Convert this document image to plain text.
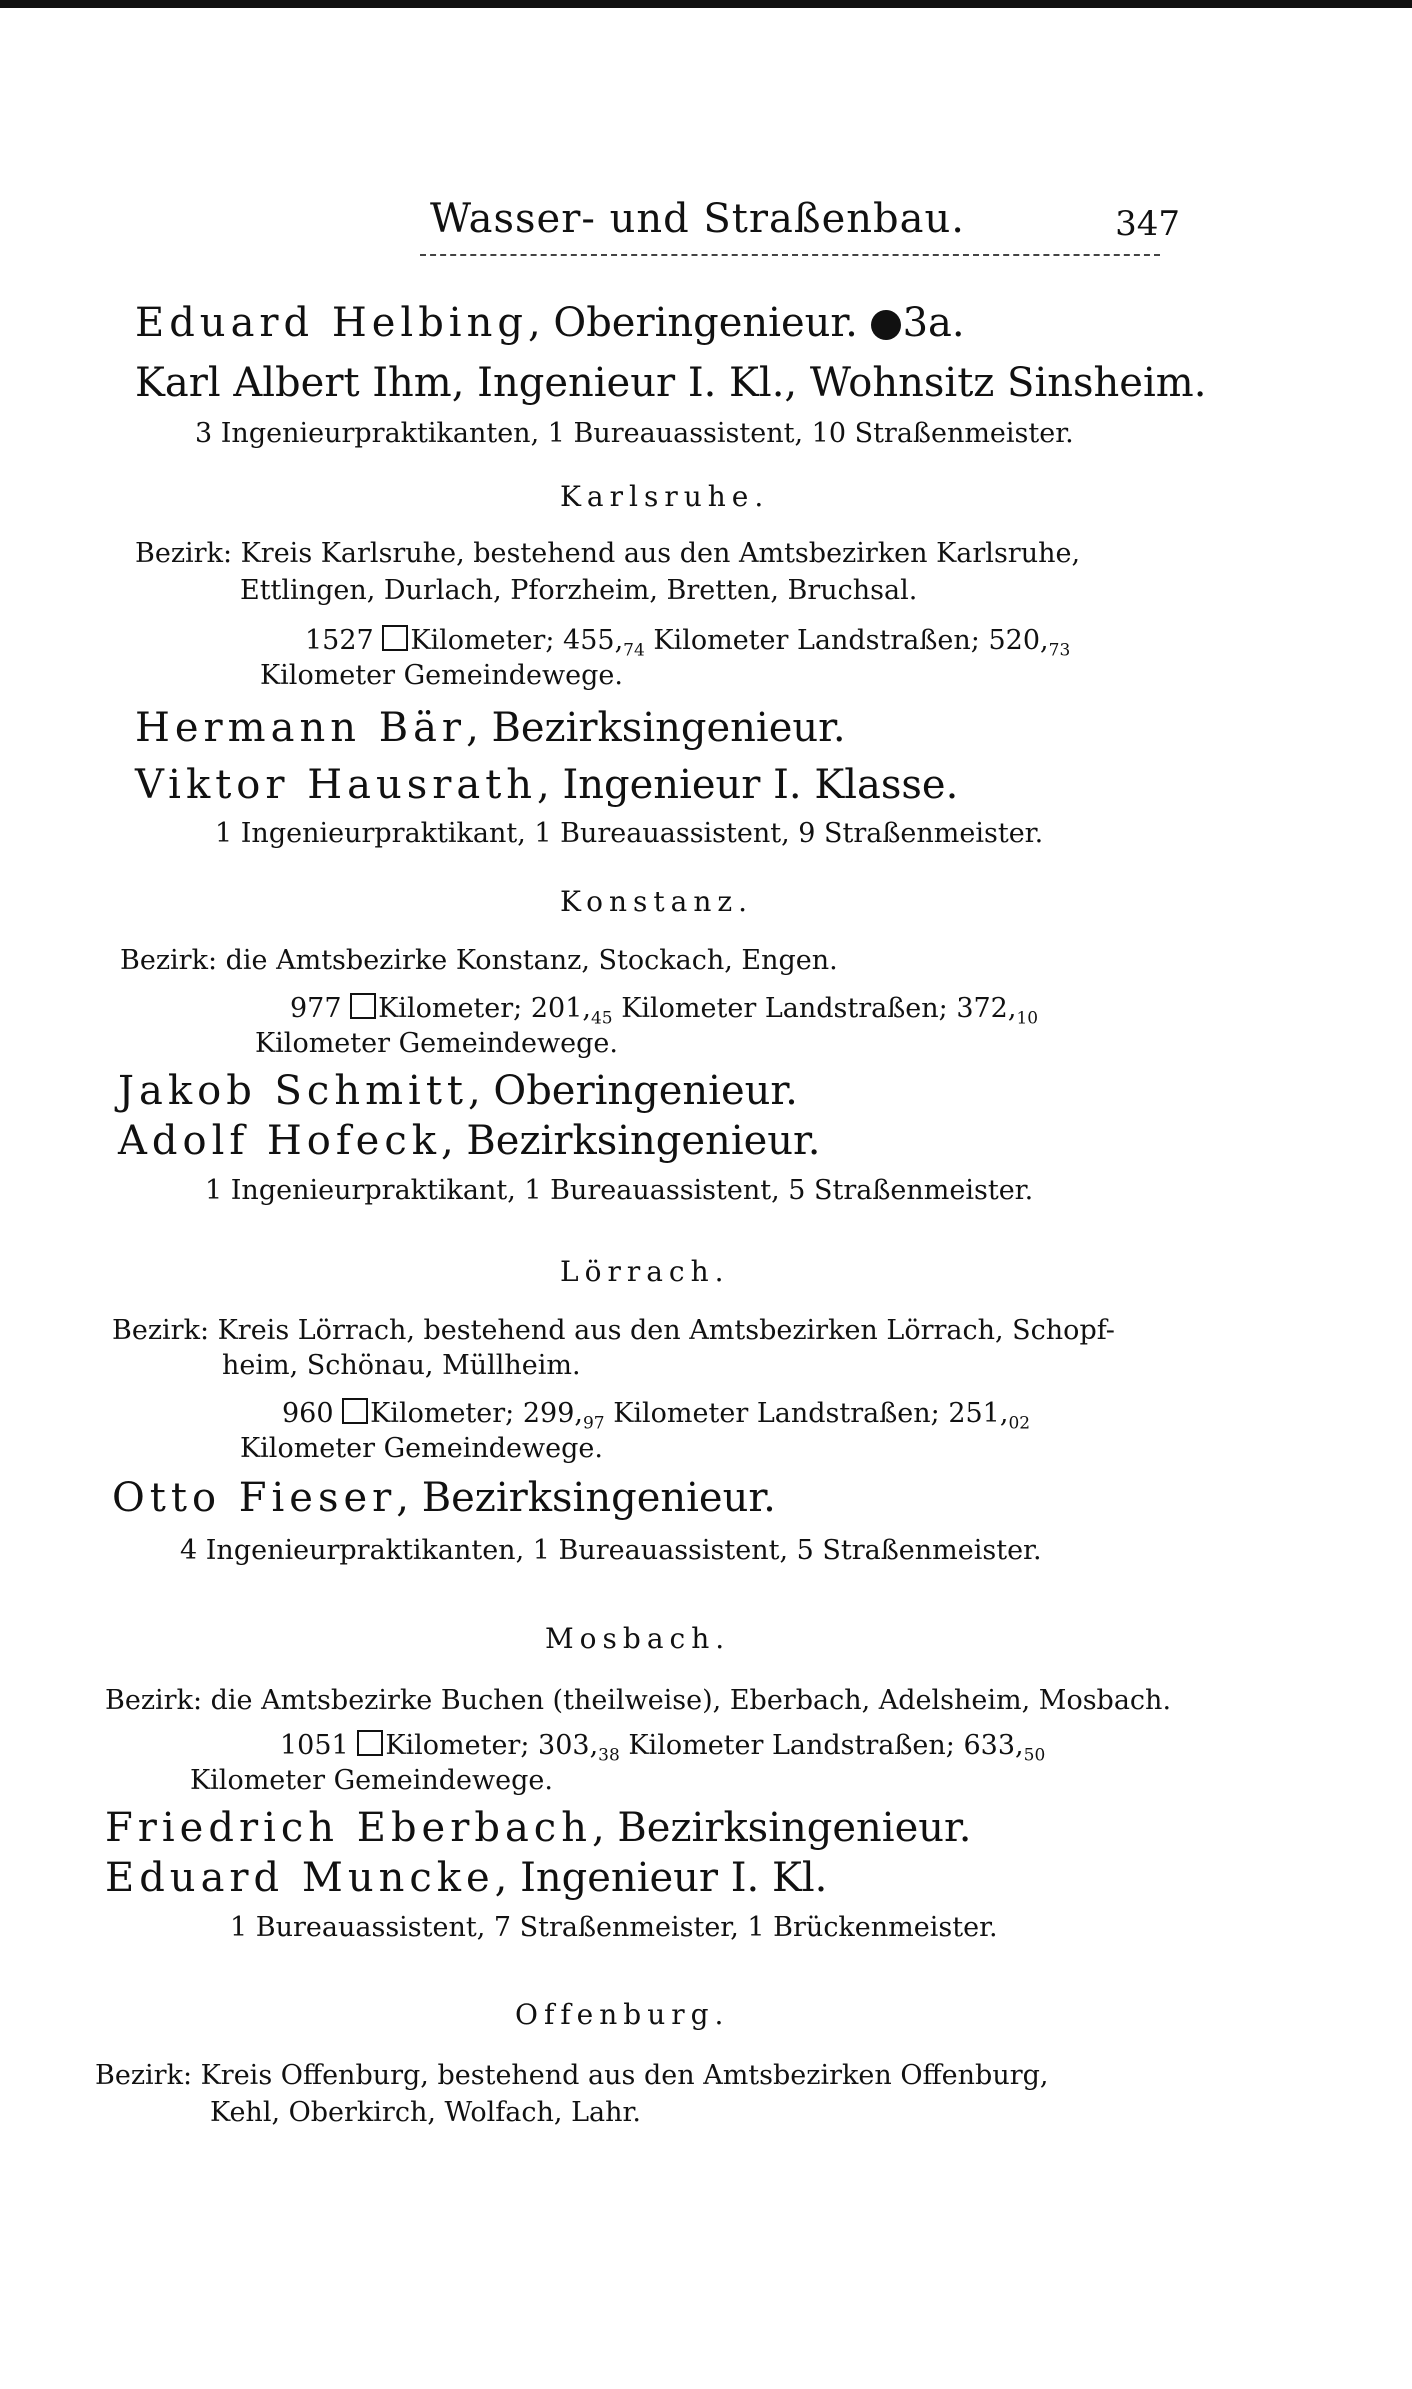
Wasser- und Straßenbau.	347
Eduard Helbing, Oberingenieur. 3a.
Karl Albert Ihm, Ingenieur I. Kl., Wohnsitz Sinsheim.
3 Ingenieurpraktikanten, 1 Bureauassistent, 10 Straßenmeister.
Karlsruhe.
Bezirk: Kreis Karlsruhe, bestehend aus den Amtsbezirken Karlsruhe,
Ettlingen, Durlach, Pforzheim, Bretten, Bruchsal.
1527 Kilometer; $455,_{74}$ Kilometer Landstraßen; $520,_{73}$
Kilometer Gemeindewege.
Hermann Bär, Bezirksingenieur.
Viktor Hausrath, Ingenieur I. Klasse.
1 Ingenieurpraktikant, 1 Bureauassistent, 9 Straßenmeister.
Konstanz.
Bezirk: die Amtsbezirke Konstanz, Stockach, Engen.
977 Kilometer; $201,_{45}$ Kilometer Landstraßen; $372,_{10}$
Kilometer Gemeindewege.
Jakob Schmitt, Oberingenieur.
Adolf Hofeck, Bezirksingenieur.
1 Ingenieurpraktikant, 1 Bureauassistent, 5 Straßenmeister.
Lörrach.
Bezirk: Kreis Lörrach, bestehend aus den Amtsbezirken Lörrach, Schopf-
heim, Schönau, Müllheim.
960 Kilometer; $299,_{97}$ Kilometer Landstraßen; $251,_{02}$
Kilometer Gemeindewege.
Otto Fieser, Bezirksingenieur.
4 Ingenieurpraktikanten, 1 Bureauassistent, 5 Straßenmeister.
Mosbach.
Bezirk: die Amtsbezirke Buchen (theilweise), Eberbach, Adelsheim, Mosbach.
1051 Kilometer; $303,_{38}$ Kilometer Landstraßen; $633,_{50}$
Kilometer Gemeindewege.
Friedrich Eberbach, Bezirksingenieur.
Eduard Muncke, Ingenieur I. Kl.
1 Bureauassistent, 7 Straßenmeister, 1 Brückenmeister.
Offenburg.
Bezirk: Kreis Offenburg, bestehend aus den Amtsbezirken Offenburg,
Kehl, Oberkirch, Wolfach, Lahr.
